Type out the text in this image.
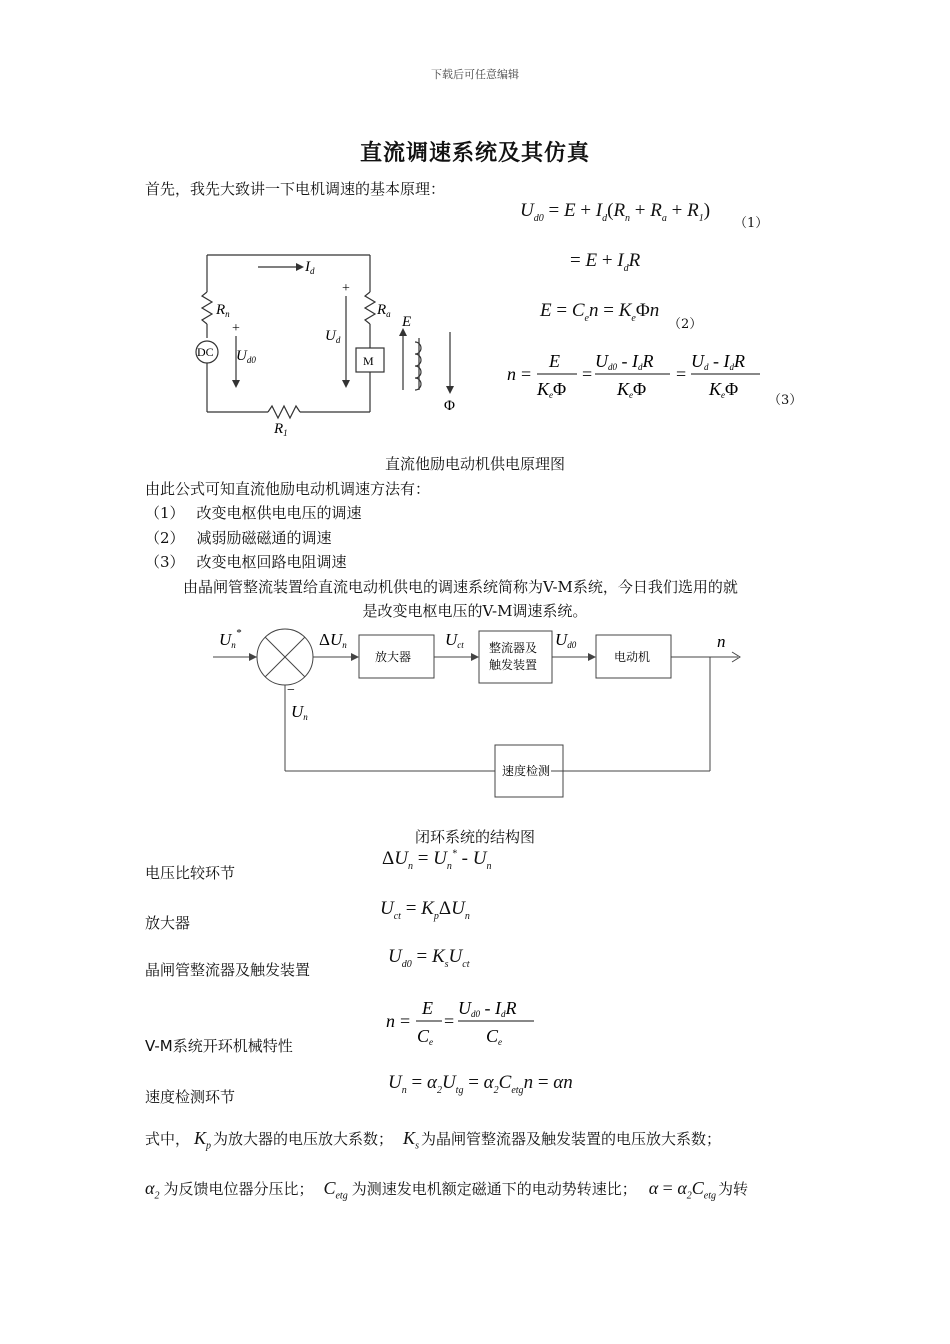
下载后可任意编辑
直流调速系统及其仿真
首先，我先大致讲一下电机调速的基本原理：
DC
M
Φ
E
$I_d$
$R_n$	$R_a$
$U_{d0}$
$U_d$
$R_1$
+
+
$U_{d0} = E + I_d(R_n + R_a + R_1)$
（1）
= $E + I_dR$
$E = C_en = K_e\Phi n$
（2）
n =
E
KeΦ
=
Ud0 - IdR
KeΦ
=
Ud - IdR
KeΦ
（3）
直流他励电动机供电原理图
由此公式可知直流他励电动机调速方法有：
（1） 改变电枢供电电压的调速
（2） 减弱励磁磁通的调速
（3） 改变电枢回路电阻调速
由晶闸管整流装置给直流电动机供电的调速系统简称为V-M系统，今日我们选用的就
是改变电枢电压的V-M调速系统。
放大器
整流器及
触发装置
电动机
速度检测
Un*	ΔUn	Uct	Ud0	n
Un
−
闭环系统的结构图
电压比较环节
$\Delta U_n = U_n^* - U_n$
放大器
$U_{ct} = K_p\Delta U_n$
晶闸管整流器及触发装置
$U_{d0} = K_sU_{ct}$
n =
E
Ce
=
Ud0 - IdR
Ce
V-M系统开环机械特性
速度检测环节
$U_n = \alpha_2U_{tg} = \alpha_2C_{etg}n = \alpha n$
式中， $K_p$ 为放大器的电压放大系数； $K_s$ 为晶闸管整流器及触发装置的电压放大系数；
$\alpha_2$ 为反馈电位器分压比； $C_{etg}$ 为测速发电机额定磁通下的电动势转速比； $\alpha = \alpha_2C_{etg}$ 为转
